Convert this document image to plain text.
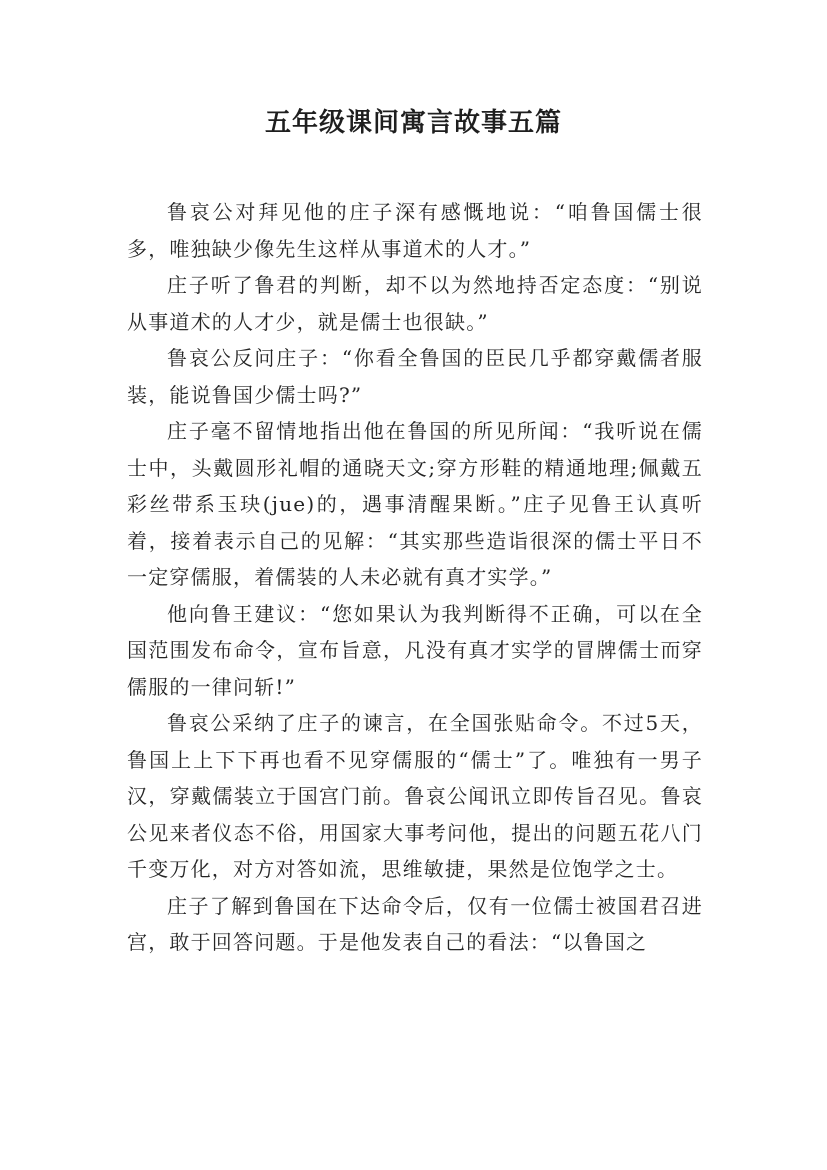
五年级课间寓言故事五篇

鲁哀公对拜见他的庄子深有感慨地说：“咱鲁国儒士很多，唯独缺少像先生这样从事道术的人才。”

庄子听了鲁君的判断，却不以为然地持否定态度：“别说从事道术的人才少，就是儒士也很缺。”

鲁哀公反问庄子：“你看全鲁国的臣民几乎都穿戴儒者服装，能说鲁国少儒士吗?”

庄子毫不留情地指出他在鲁国的所见所闻：“我听说在儒士中，头戴圆形礼帽的通晓天文;穿方形鞋的精通地理;佩戴五彩丝带系玉玦(jue)的，遇事清醒果断。”庄子见鲁王认真听着，接着表示自己的见解：“其实那些造诣很深的儒士平日不一定穿儒服，着儒装的人未必就有真才实学。”

他向鲁王建议：“您如果认为我判断得不正确，可以在全国范围发布命令，宣布旨意，凡没有真才实学的冒牌儒士而穿儒服的一律问斩!”

鲁哀公采纳了庄子的谏言，在全国张贴命令。不过5天，鲁国上上下下再也看不见穿儒服的“儒士”了。唯独有一男子汉，穿戴儒装立于国宫门前。鲁哀公闻讯立即传旨召见。鲁哀公见来者仪态不俗，用国家大事考问他，提出的问题五花八门千变万化，对方对答如流，思维敏捷，果然是位饱学之士。

庄子了解到鲁国在下达命令后，仅有一位儒士被国君召进宫，敢于回答问题。于是他发表自己的看法：“以鲁国之
